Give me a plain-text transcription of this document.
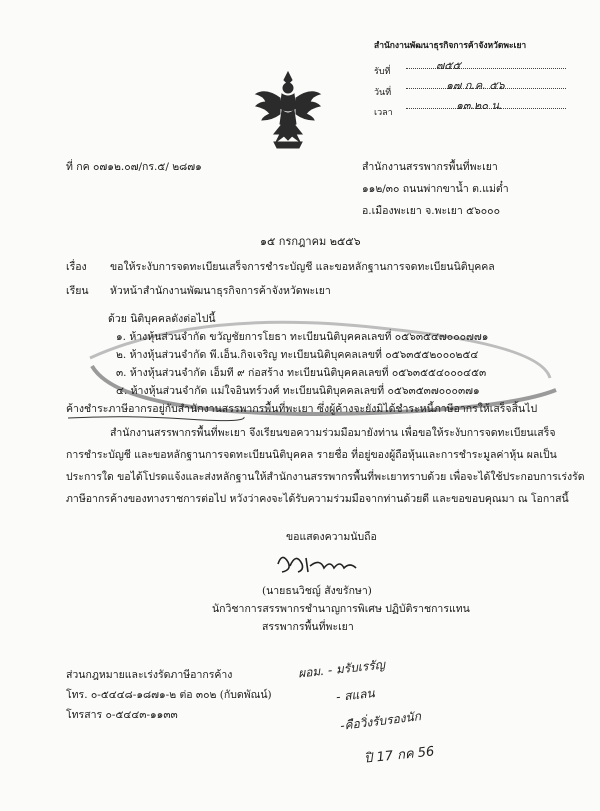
สำนักงานพัฒนาธุรกิจการค้าจังหวัดพะเยา
รับที่	๗๕๕
วันที่
๑๗ ก.ค. ๕๖
เวลา
๑๓.๒๐ น.
ที่ กค ๐๗๑๒.๐๗/กร.๕/ ๒๘๗๑	สำนักงานสรรพากรพื้นที่พะเยา
๑๑๒/๓๐ ถนนพ่ากขาน้ำ ต.แม่ต๋ำ
อ.เมืองพะเยา จ.พะเยา ๕๖๐๐๐
๑๕ กรกฎาคม ๒๕๕๖
เรื่อง ขอให้ระงับการจดทะเบียนเสร็จการชำระบัญชี และขอหลักฐานการจดทะเบียนนิติบุคคล
เรียน หัวหน้าสำนักงานพัฒนาธุรกิจการค้าจังหวัดพะเยา
ด้วย นิติบุคคลดังต่อไปนี้
๑. ห้างหุ้นส่วนจำกัด ขวัญชัยการโยธา ทะเบียนนิติบุคคลเลขที่ ๐๕๖๓๕๔๗๐๐๐๗๗๑
๒. ห้างหุ้นส่วนจำกัด พี.เอ็น.กิจเจริญ ทะเบียนนิติบุคคลเลขที่ ๐๕๖๓๕๕๒๐๐๐๒๕๔
๓. ห้างหุ้นส่วนจำกัด เอ็มที ๙ ก่อสร้าง ทะเบียนนิติบุคคลเลขที่ ๐๕๖๓๕๕๔๐๐๐๔๕๓
๔. ห้างหุ้นส่วนจำกัด แม่ใจอินทร์วงศ์ ทะเบียนนิติบุคคลเลขที่ ๐๕๖๓๕๓๗๐๐๐๓๗๑
ค้างชำระภาษีอากรอยู่กับสำนักงานสรรพากรพื้นที่พะเยา ซึ่งผู้ค้างจะยังมิได้ชำระหนี้ภาษีอากรให้เสร็จสิ้นไป
สำนักงานสรรพากรพื้นที่พะเยา จึงเรียนขอความร่วมมือมายังท่าน เพื่อขอให้ระงับการจดทะเบียนเสร็จ
การชำระบัญชี และขอหลักฐานการจดทะเบียนนิติบุคคล รายชื่อ ที่อยู่ของผู้ถือหุ้นและการชำระมูลค่าหุ้น ผลเป็น
ประการใด ขอได้โปรดแจ้งและส่งหลักฐานให้สำนักงานสรรพากรพื้นที่พะเยาทราบด้วย เพื่อจะได้ใช้ประกอบการเร่งรัด
ภาษีอากรค้างของทางราชการต่อไป หวังว่าคงจะได้รับความร่วมมือจากท่านด้วยดี และขอขอบคุณมา ณ โอกาสนี้
ขอแสดงความนับถือ
(นายธนวิชญ์ สังขรักษา)
นักวิชาการสรรพากรชำนาญการพิเศษ ปฏิบัติราชการแทน
สรรพากรพื้นที่พะเยา
ส่วนกฎหมายและเร่งรัดภาษีอากรค้าง
โทร. ๐-๕๔๔๘-๑๘๗๑-๒ ต่อ ๓๐๒ (กับดพัณน์)
โทรสาร ๐-๕๔๔๓-๑๑๓๓
ผอม. - มรับเรรัญ
- สแลน
-คือวิ่งรับรองนัก
ปิ 17 กค 56
